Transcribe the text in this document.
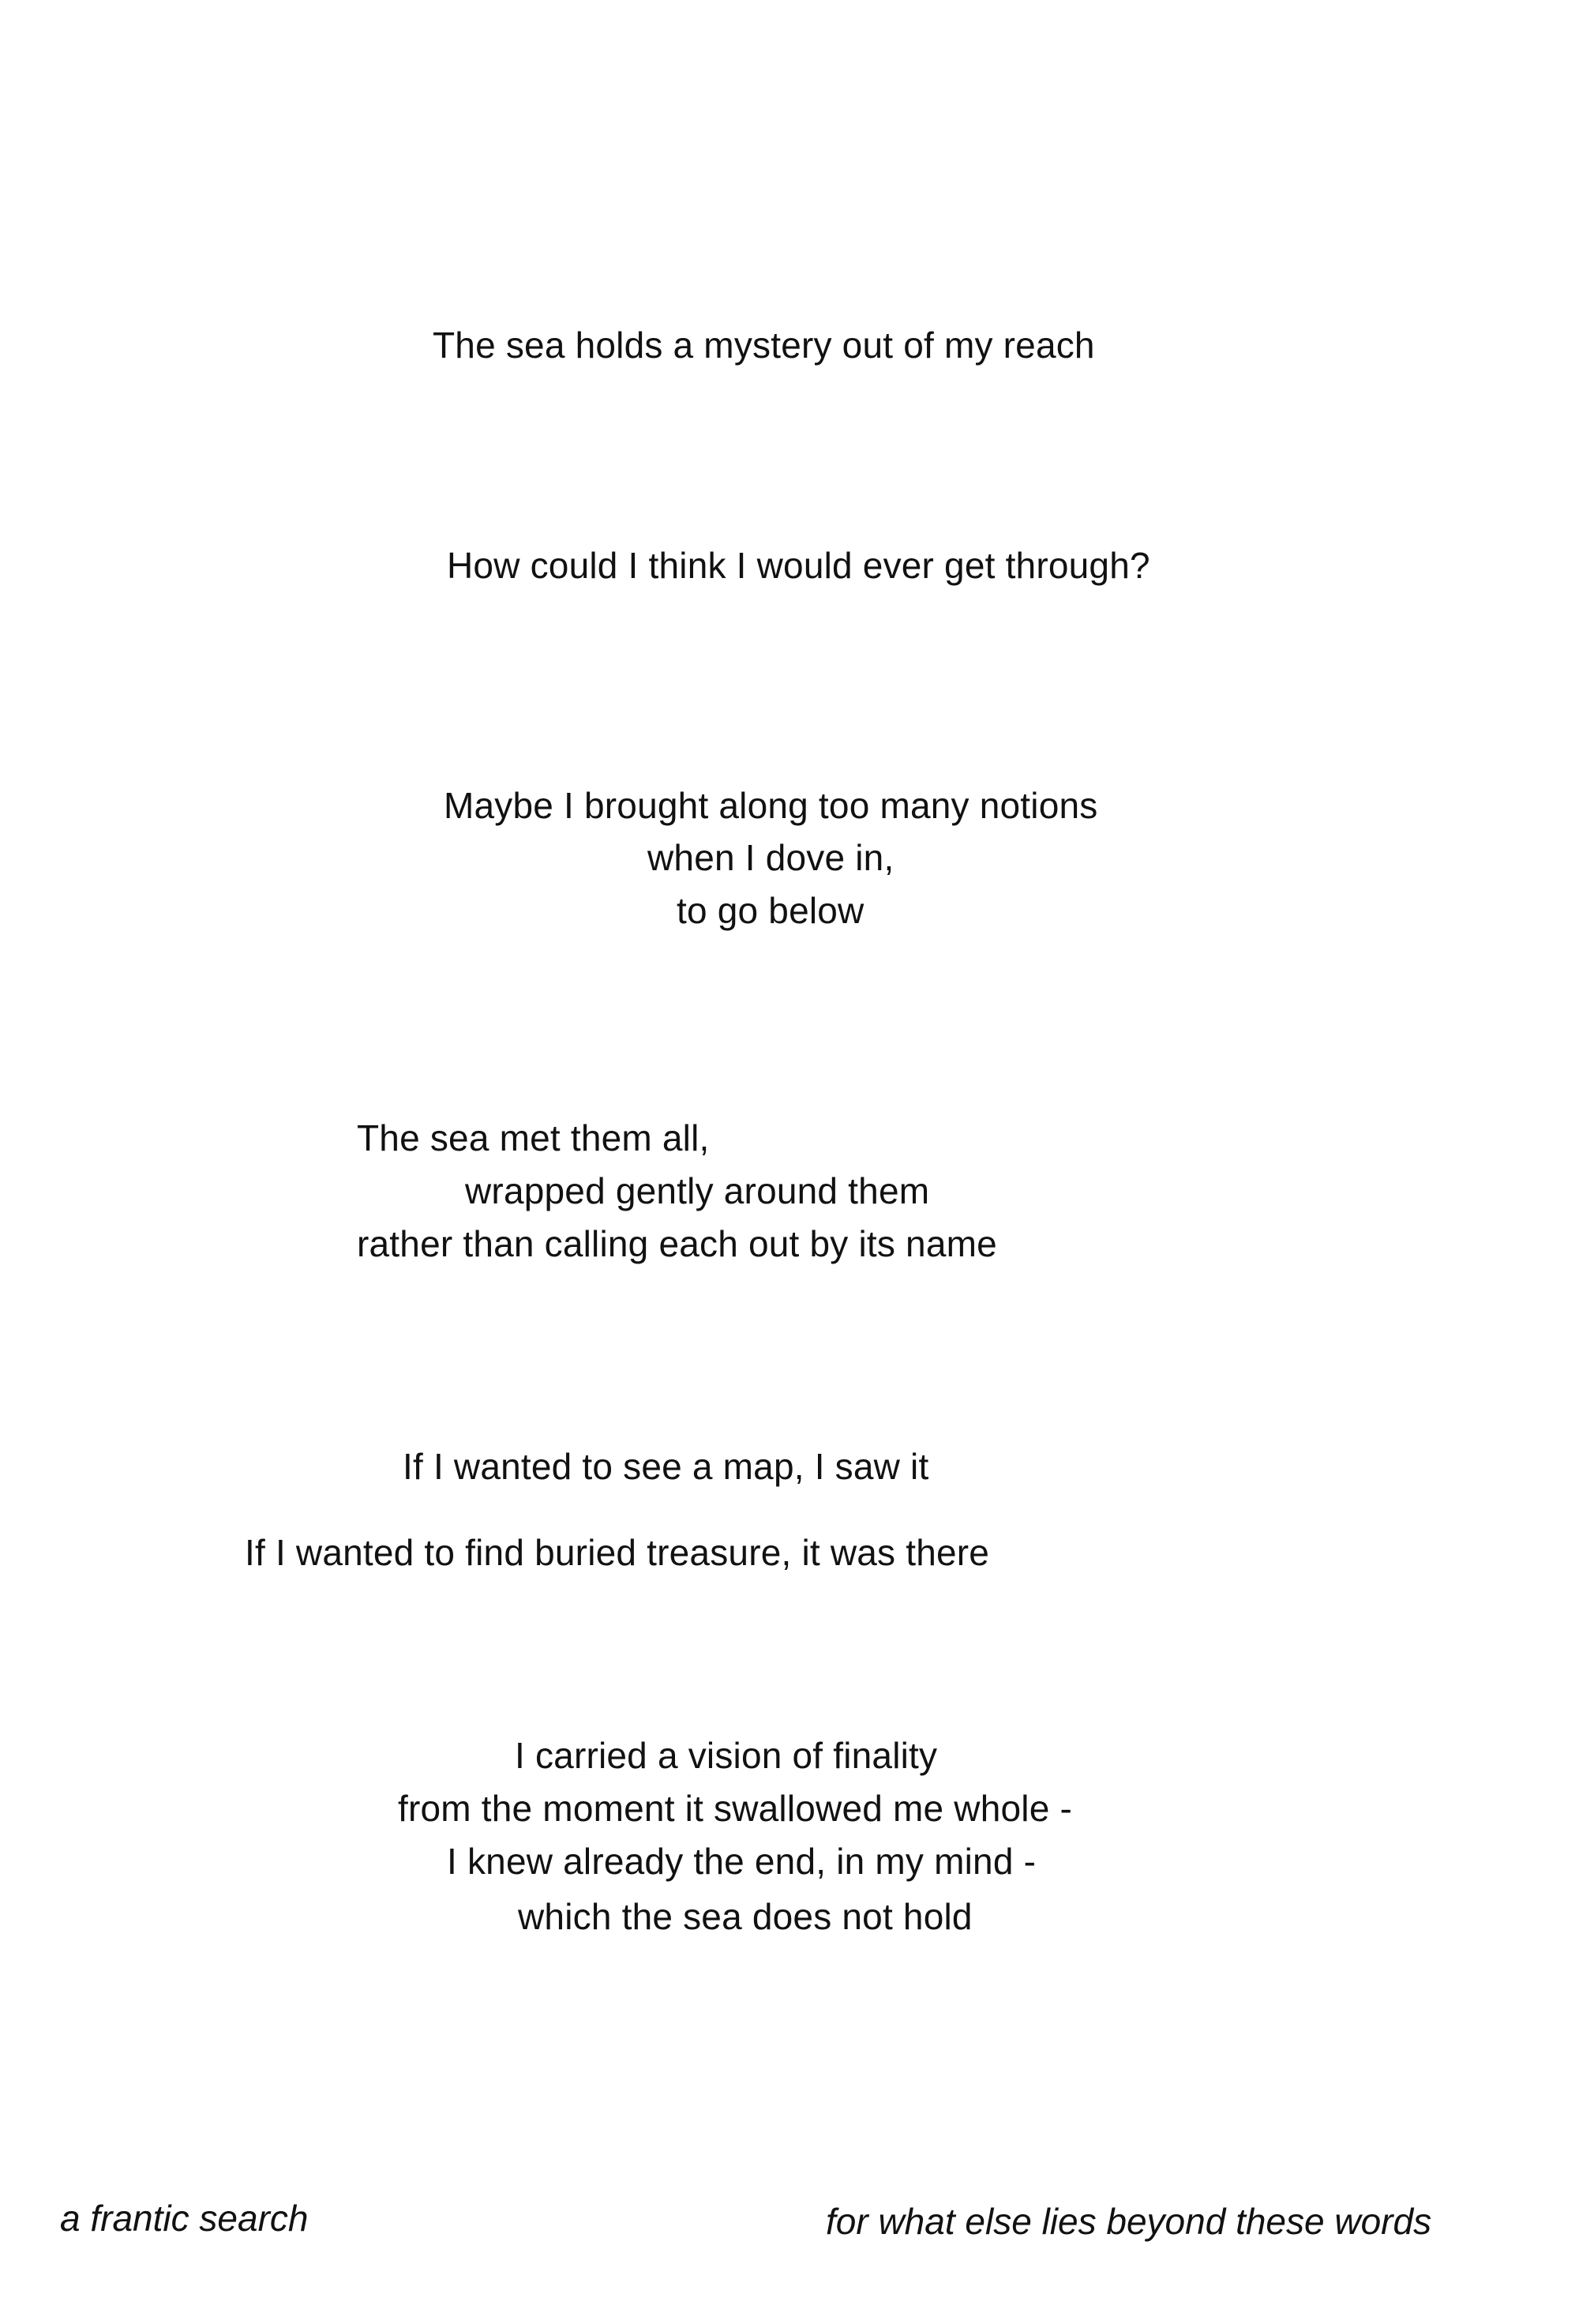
The sea holds a mystery out of my reach
How could I think I would ever get through?
Maybe I brought along too many notions
when I dove in,
to go below
The sea met them all,
wrapped gently around them
rather than calling each out by its name
If I wanted to see a map, I saw it
If I wanted to find buried treasure, it was there
I carried a vision of finality
from the moment it swallowed me whole -
I knew already the end, in my mind -
which the sea does not hold
a frantic search	for what else lies beyond these words
